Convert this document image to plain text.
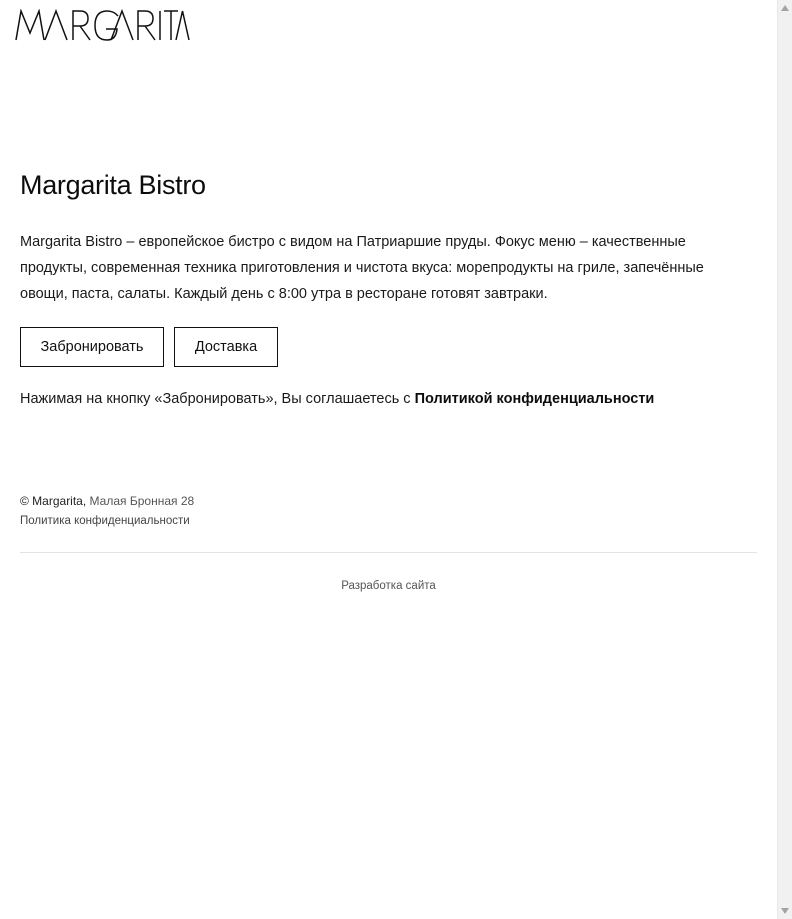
Margarita Bistro

Margarita Bistro – европейское бистро с видом на Патриаршие пруды. Фокус меню – качественные продукты, современная техника приготовления и чистота вкуса: морепродукты на гриле, запечённые овощи, паста, салаты. Каждый день с 8:00 утра в ресторане готовят завтраки.

Забронировать	Доставка

Нажимая на кнопку «Забронировать», Вы соглашаетесь с Политикой конфиденциальности

© Margarita, Малая Бронная 28
Политика конфиденциальности
Разработка сайта
